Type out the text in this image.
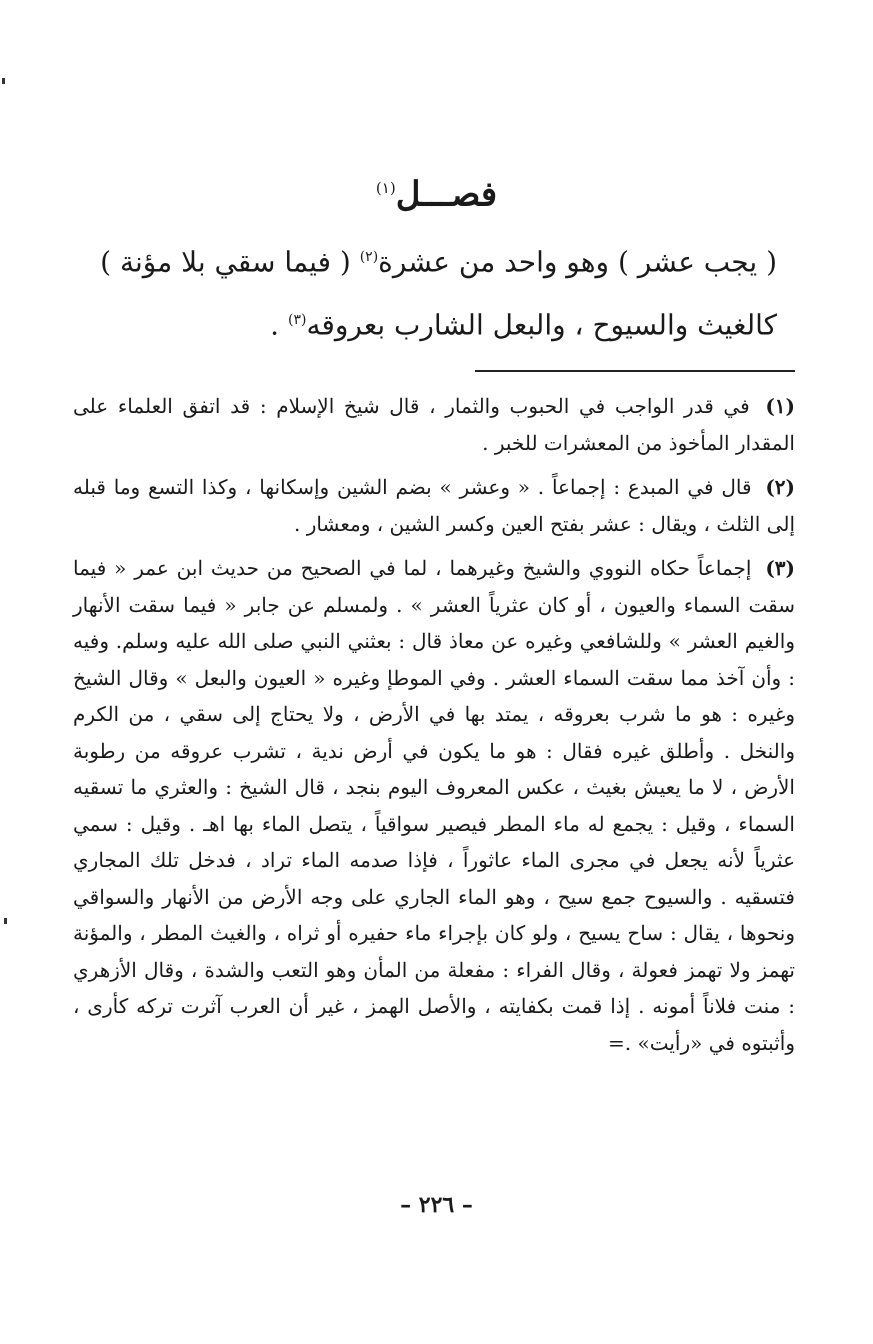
فصـــل$^{(١)}$
( يجب عشر ) وهو واحد من عشرة$^{(٢)}$ ( فيما سقي بلا مؤنة )
كالغيث والسيوح ، والبعل الشارب بعروقه$^{(٣)}$ .

(١) في قدر الواجب في الحبوب والثمار ، قال شيخ الإسلام : قد اتفق العلماء على المقدار المأخوذ من المعشرات للخبر .

(٢) قال في المبدع : إجماعاً . « وعشر » بضم الشين وإسكانها ، وكذا التسع وما قبله إلى الثلث ، ويقال : عشر بفتح العين وكسر الشين ، ومعشار .

(٣) إجماعاً حكاه النووي والشيخ وغيرهما ، لما في الصحيح من حديث ابن عمر « فيما سقت السماء والعيون ، أو كان عثرياً العشر » . ولمسلم عن جابر « فيما سقت الأنهار والغيم العشر » وللشافعي وغيره عن معاذ قال : بعثني النبي صلى الله عليه وسلم. وفيه : وأن آخذ مما سقت السماء العشر . وفي الموطإ وغيره « العيون والبعل » وقال الشيخ وغيره : هو ما شرب بعروقه ، يمتد بها في الأرض ، ولا يحتاج إلى سقي ، من الكرم والنخل . وأطلق غيره فقال : هو ما يكون في أرض ندية ، تشرب عروقه من رطوبة الأرض ، لا ما يعيش بغيث ، عكس المعروف اليوم بنجد ، قال الشيخ : والعثري ما تسقيه السماء ، وقيل : يجمع له ماء المطر فيصير سواقياً ، يتصل الماء بها اهـ . وقيل : سمي عثرياً لأنه يجعل في مجرى الماء عاثوراً ، فإذا صدمه الماء تراد ، فدخل تلك المجاري فتسقيه . والسيوح جمع سيح ، وهو الماء الجاري على وجه الأرض من الأنهار والسواقي ونحوها ، يقال : ساح يسيح ، ولو كان بإجراء ماء حفيره أو ثراه ، والغيث المطر ، والمؤنة تهمز ولا تهمز فعولة ، وقال الفراء : مفعلة من المأن وهو التعب والشدة ، وقال الأزهري : منت فلاناً أمونه . إذا قمت بكفايته ، والأصل الهمز ، غير أن العرب آثرت تركه كأرى ، وأثبتوه في «رأيت» .=

– ٢٢٦ –
